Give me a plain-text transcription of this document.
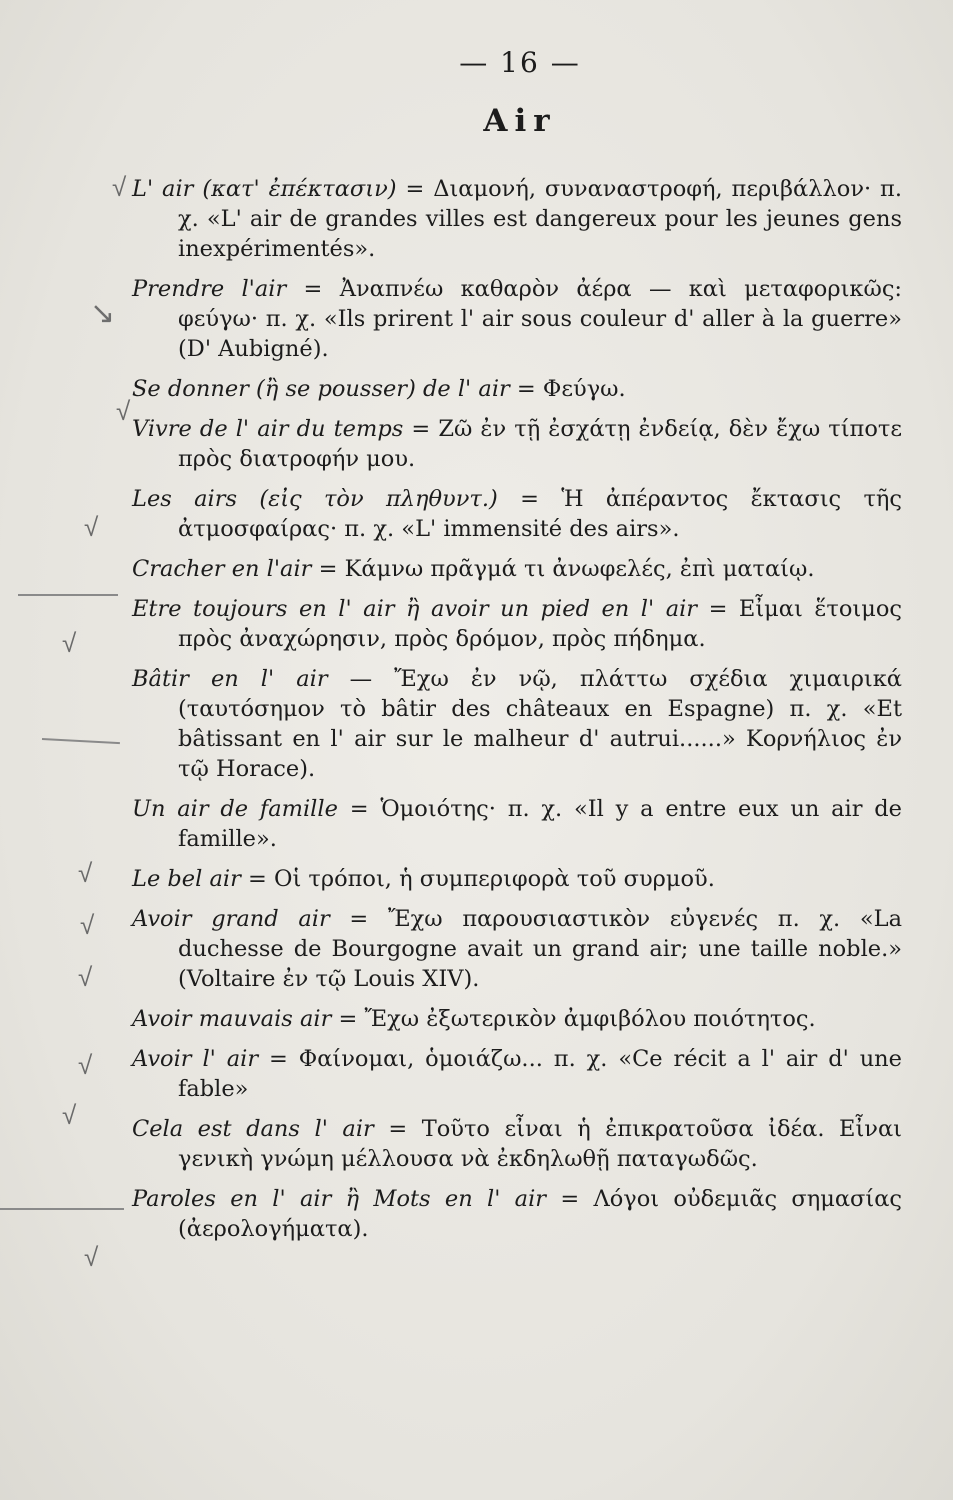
— 16 —
Air
√
↘
√
√
√
√
√
√
√
√
√
L' air (κατ' ἐπέκτασιν) = Διαμονή, συναναστροφή, περιβάλλον· π. χ. «L' air de grandes villes est dangereux pour les jeunes gens inexpérimentés».
Prendre l'air = Ἀναπνέω καθαρὸν ἀέρα — καὶ μεταφορικῶς: φεύγω· π. χ. «Ils prirent l' air sous couleur d' aller à la guerre» (D' Aubigné).
Se donner (ἢ se pousser) de l' air = Φεύγω.
Vivre de l' air du temps = Ζῶ ἐν τῇ ἐσχάτῃ ἐνδείᾳ, δὲν ἔχω τίποτε πρὸς διατροφήν μου.
Les airs (εἰς τὸν πληθυντ.) = Ἡ ἀπέραντος ἔκτασις τῆς ἀτμοσφαίρας· π. χ. «L' immensité des airs».
Cracher en l'air = Κάμνω πρᾶγμά τι ἀνωφελές, ἐπὶ ματαίῳ.
Etre toujours en l' air ἢ avoir un pied en l' air = Εἶμαι ἕτοιμος πρὸς ἀναχώρησιν, πρὸς δρόμον, πρὸς πήδημα.
Bâtir en l' air — Ἔχω ἐν νῷ, πλάττω σχέδια χιμαιρικά (ταυτόσημον τὸ bâtir des châteaux en Espagne) π. χ. «Et bâtissant en l' air sur le malheur d' autrui......» Κορνήλιος ἐν τῷ Horace).
Un air de famille = Ὁμοιότης· π. χ. «Il y a entre eux un air de famille».
Le bel air = Οἱ τρόποι, ἡ συμπεριφορὰ τοῦ συρμοῦ.
Avoir grand air = Ἔχω παρουσιαστικὸν εὐγενές π. χ. «La duchesse de Bourgogne avait un grand air; une taille noble.» (Voltaire ἐν τῷ Louis XIV).
Avoir mauvais air = Ἔχω ἐξωτερικὸν ἀμφιβόλου ποιότητος.
Avoir l' air = Φαίνομαι, ὁμοιάζω... π. χ. «Ce récit a l' air d' une fable»
Cela est dans l' air = Τοῦτο εἶναι ἡ ἐπικρατοῦσα ἰδέα. Εἶναι γενικὴ γνώμη μέλλουσα νὰ ἐκδηλωθῇ παταγωδῶς.
Paroles en l' air ἢ Mots en l' air = Λόγοι οὐδεμιᾶς σημασίας (ἀερολογήματα).
